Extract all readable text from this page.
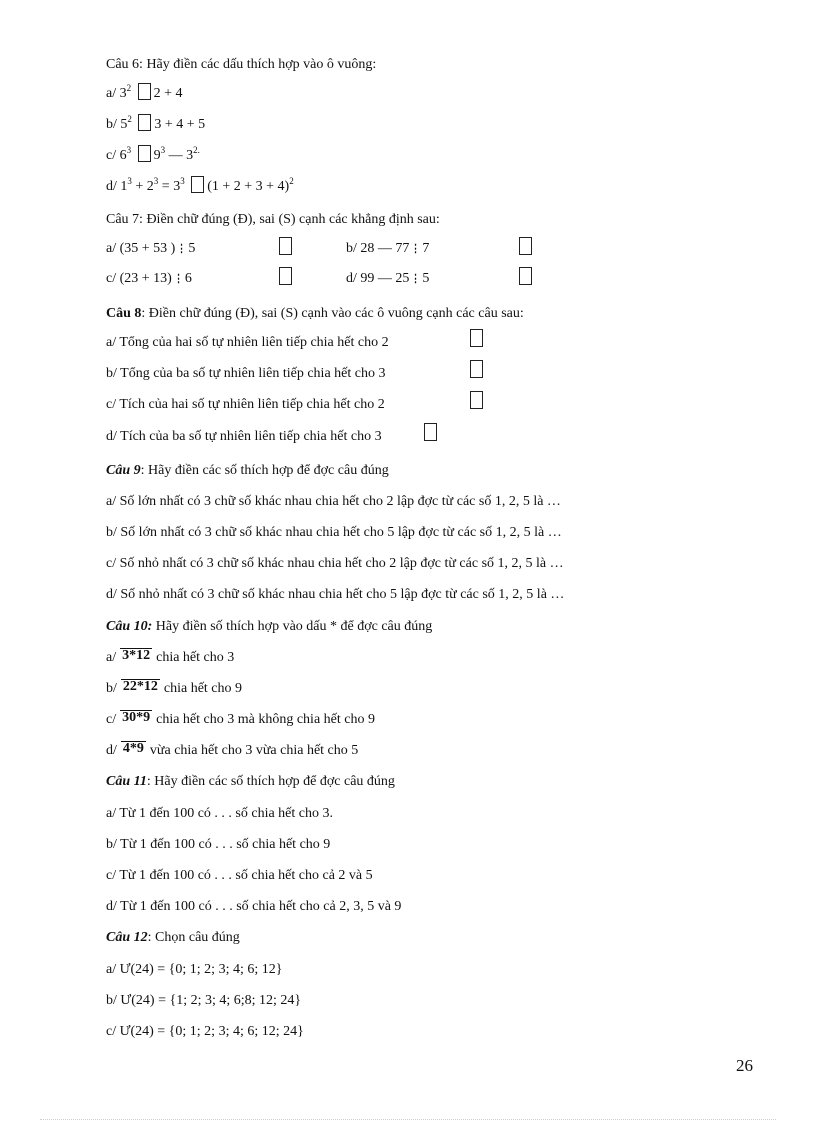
Câu 6: Hãy điền các dấu thích hợp vào ô vuông:
a/ $3^2$ 2 + 4
b/ $5^2$ 3 + 4 + 5
c/ $6^3$ $9^3$ — $3^{2.}$
d/ $1^3 + 2^3 = 3^3$ $(1 + 2 + 3 + 4)^2$
Câu 7: Điền chữ đúng (Đ), sai (S) cạnh các khẳng định sau:
a/ (35 + 53 ) ⋮ 5	b/ 28 — 77 ⋮ 7
c/ (23 + 13) ⋮ 6	d/ 99 — 25 ⋮ 5
Câu 8: Điền chữ đúng (Đ), sai (S) cạnh vào các ô vuông cạnh các câu sau:
a/ Tổng của hai số tự nhiên liên tiếp chia hết cho 2
b/ Tổng của ba số tự nhiên liên tiếp chia hết cho 3
c/ Tích của hai số tự nhiên liên tiếp chia hết cho 2
d/ Tích của ba số tự nhiên liên tiếp chia hết cho 3
Câu 9: Hãy điền các số thích hợp để đợc câu đúng
a/ Số lớn nhất có 3 chữ số khác nhau chia hết cho 2 lập đợc từ các số 1, 2, 5 là …
b/ Số lớn nhất có 3 chữ số khác nhau chia hết cho 5 lập đợc từ các số 1, 2, 5 là …
c/ Số nhỏ nhất có 3 chữ số khác nhau chia hết cho 2 lập đợc từ các số 1, 2, 5 là …
d/ Số nhỏ nhất có 3 chữ số khác nhau chia hết cho 5 lập đợc từ các số 1, 2, 5 là …
Câu 10: Hãy điền số thích hợp vào dấu * để đợc câu đúng
a/ 3*12 chia hết cho 3
b/ 22*12 chia hết cho 9
c/ 30*9 chia hết cho 3 mà không chia hết cho 9
d/ 4*9 vừa chia hết cho 3 vừa chia hết cho 5
Câu 11: Hãy điền các số thích hợp để đợc câu đúng
a/ Từ 1 đến 100 có . . . số chia hết cho 3.
b/ Từ 1 đến 100 có . . . số chia hết cho 9
c/ Từ 1 đến 100 có . . . số chia hết cho cả 2 và 5
d/ Từ 1 đến 100 có . . . số chia hết cho cả 2, 3, 5 và 9
Câu 12: Chọn câu đúng
a/ Ư(24) = {0; 1; 2; 3; 4; 6; 12}
b/ Ư(24) = {1; 2; 3; 4; 6;8; 12; 24}
c/ Ư(24) = {0; 1; 2; 3; 4; 6; 12; 24}
26
